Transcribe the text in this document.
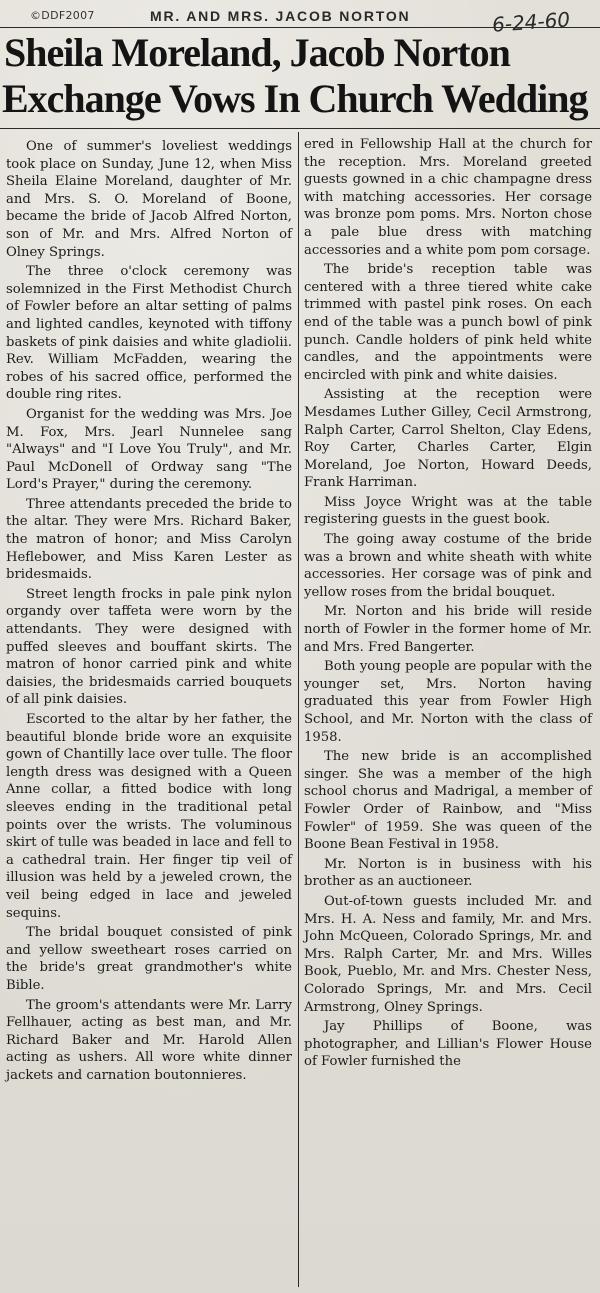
©DDF2007	MR. AND MRS. JACOB NORTON	6-24-60
Sheila Moreland, Jacob Norton
Exchange Vows In Church Wedding

One of summer's loveliest weddings took place on Sunday, June 12, when Miss Sheila Elaine Moreland, daughter of Mr. and Mrs. S. O. Moreland of Boone, became the bride of Jacob Alfred Norton, son of Mr. and Mrs. Alfred Norton of Olney Springs.

The three o'clock ceremony was solemnized in the First Methodist Church of Fowler before an altar setting of palms and lighted candles, keynoted with tiffony baskets of pink daisies and white gladiolii. Rev. William McFadden, wearing the robes of his sacred office, performed the double ring rites.

Organist for the wedding was Mrs. Joe M. Fox, Mrs. Jearl Nunnelee sang "Always" and "I Love You Truly", and Mr. Paul McDonell of Ordway sang "The Lord's Prayer," during the ceremony.

Three attendants preceded the bride to the altar. They were Mrs. Richard Baker, the matron of honor; and Miss Carolyn Heflebower, and Miss Karen Lester as bridesmaids.

Street length frocks in pale pink nylon organdy over taffeta were worn by the attendants. They were designed with puffed sleeves and bouffant skirts. The matron of honor carried pink and white daisies, the bridesmaids carried bouquets of all pink daisies.

Escorted to the altar by her father, the beautiful blonde bride wore an exquisite gown of Chantilly lace over tulle. The floor length dress was designed with a Queen Anne collar, a fitted bodice with long sleeves ending in the traditional petal points over the wrists. The voluminous skirt of tulle was beaded in lace and fell to a cathedral train. Her finger tip veil of illusion was held by a jeweled crown, the veil being edged in lace and jeweled sequins.

The bridal bouquet consisted of pink and yellow sweetheart roses carried on the bride's great grandmother's white Bible.

The groom's attendants were Mr. Larry Fellhauer, acting as best man, and Mr. Richard Baker and Mr. Harold Allen acting as ushers. All wore white dinner jackets and carnation boutonnieres.

ered in Fellowship Hall at the church for the reception. Mrs. Moreland greeted guests gowned in a chic champagne dress with matching accessories. Her corsage was bronze pom poms. Mrs. Norton chose a pale blue dress with matching accessories and a white pom pom corsage.

The bride's reception table was centered with a three tiered white cake trimmed with pastel pink roses. On each end of the table was a punch bowl of pink punch. Candle holders of pink held white candles, and the appointments were encircled with pink and white daisies.

Assisting at the reception were Mesdames Luther Gilley, Cecil Armstrong, Ralph Carter, Carrol Shelton, Clay Edens, Roy Carter, Charles Carter, Elgin Moreland, Joe Norton, Howard Deeds, Frank Harriman.

Miss Joyce Wright was at the table registering guests in the guest book.

The going away costume of the bride was a brown and white sheath with white accessories. Her corsage was of pink and yellow roses from the bridal bouquet.

Mr. Norton and his bride will reside north of Fowler in the former home of Mr. and Mrs. Fred Bangerter.

Both young people are popular with the younger set, Mrs. Norton having graduated this year from Fowler High School, and Mr. Norton with the class of 1958.

The new bride is an accomplished singer. She was a member of the high school chorus and Madrigal, a member of Fowler Order of Rainbow, and "Miss Fowler" of 1959. She was queen of the Boone Bean Festival in 1958.

Mr. Norton is in business with his brother as an auctioneer.

Out-of-town guests included Mr. and Mrs. H. A. Ness and family, Mr. and Mrs. John McQueen, Colorado Springs, Mr. and Mrs. Ralph Carter, Mr. and Mrs. Willes Book, Pueblo, Mr. and Mrs. Chester Ness, Colorado Springs, Mr. and Mrs. Cecil Armstrong, Olney Springs.

Jay Phillips of Boone, was photographer, and Lillian's Flower House of Fowler furnished the
